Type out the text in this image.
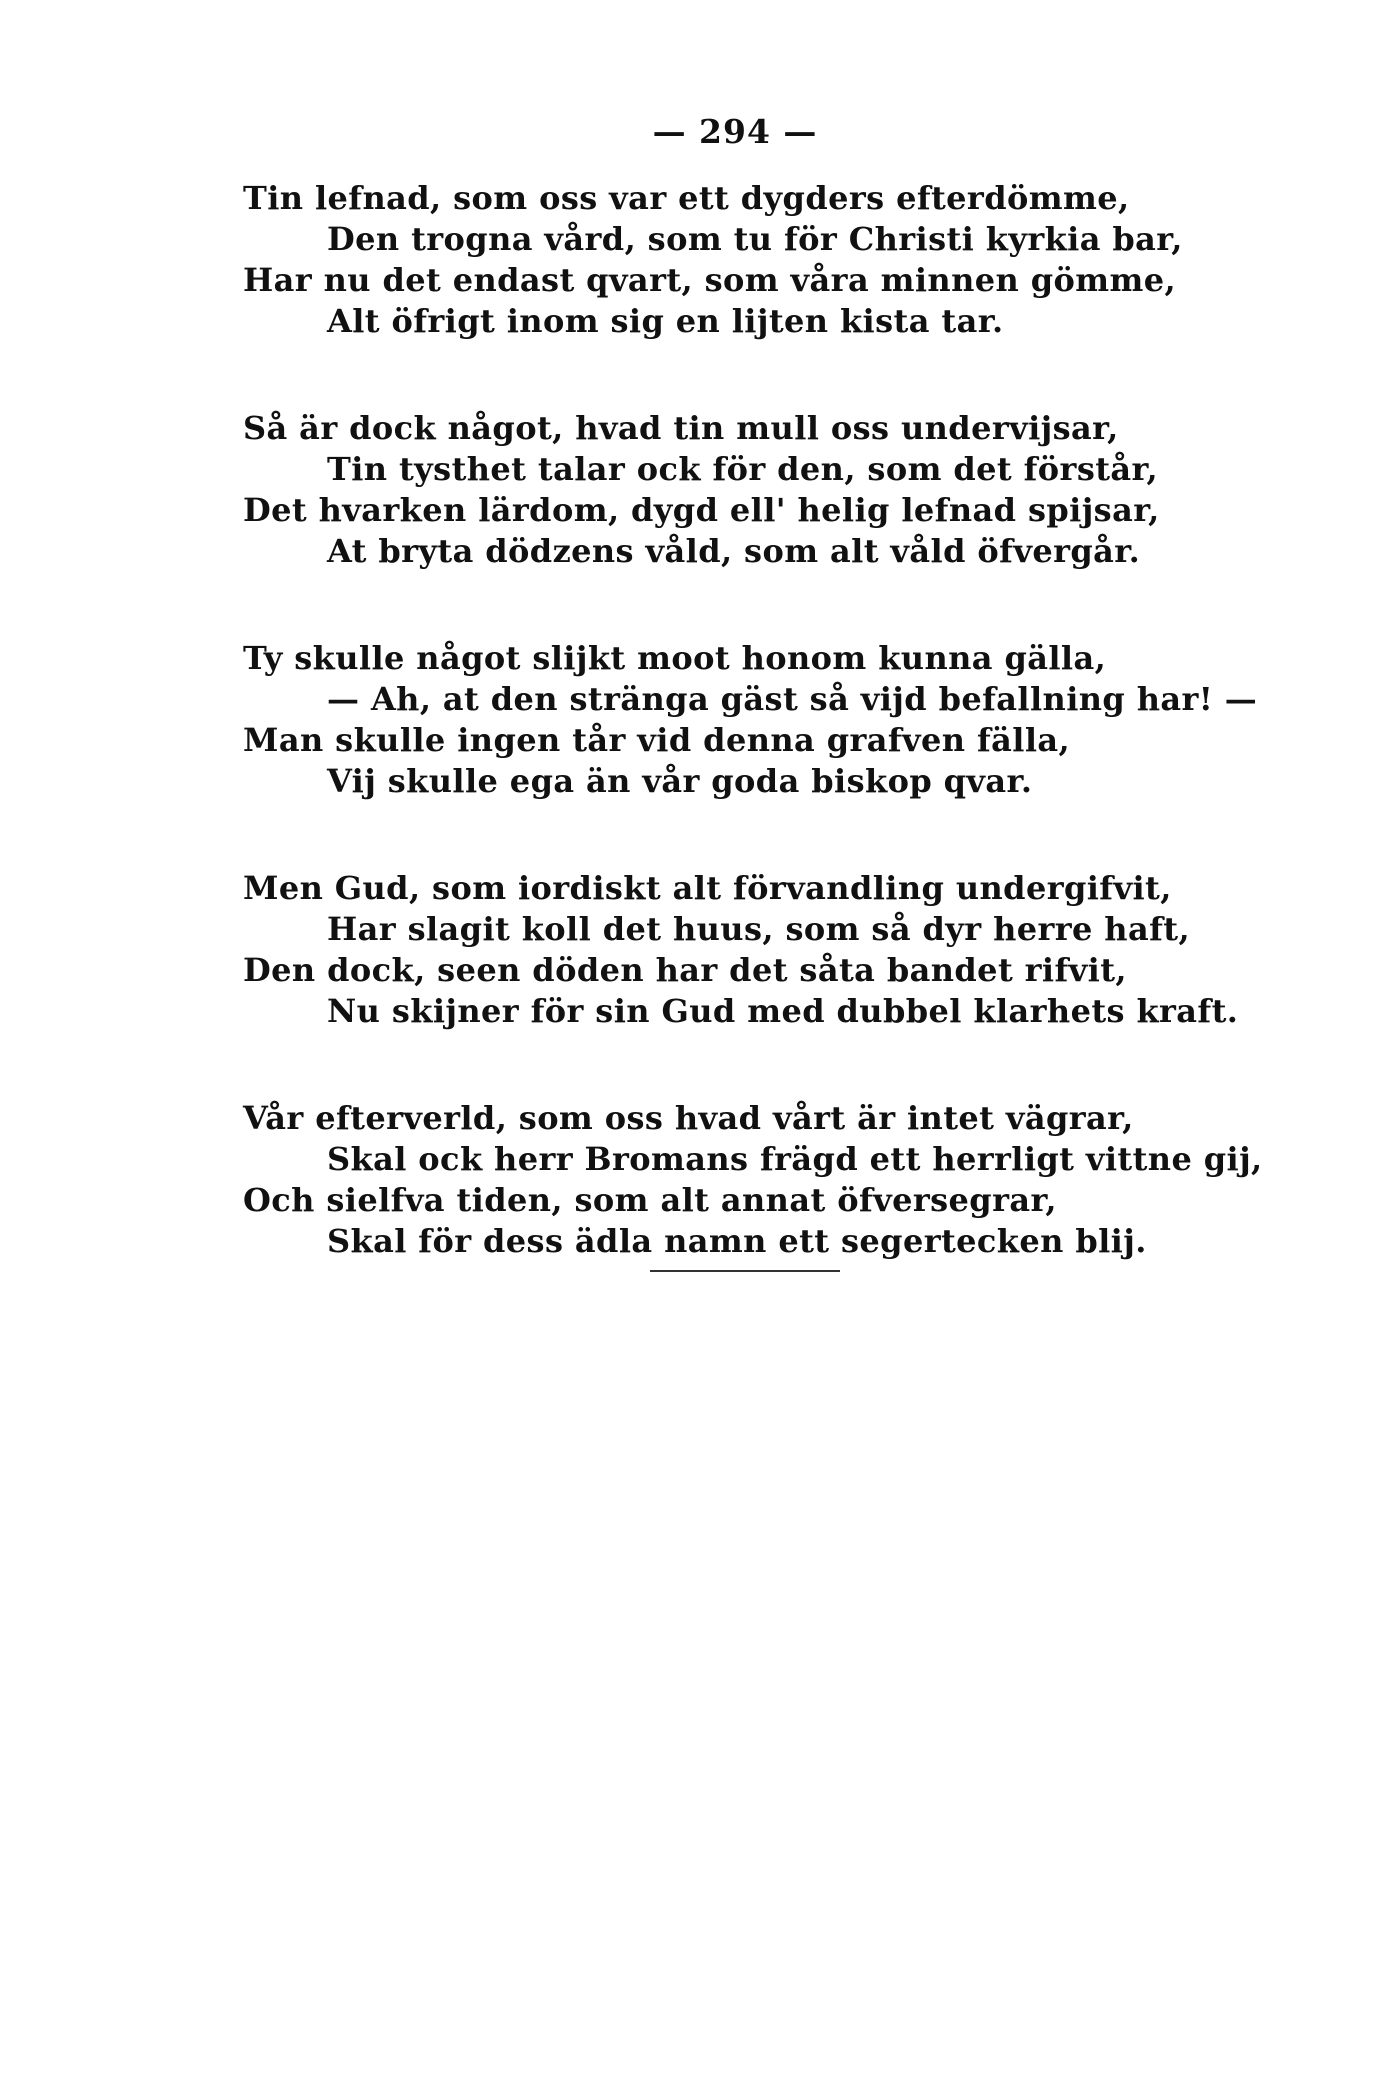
— 294 —
Tin lefnad, som oss var ett dygders efterdömme,
Den trogna vård, som tu för Christi kyrkia bar,
Har nu det endast qvart, som våra minnen gömme,
Alt öfrigt inom sig en lijten kista tar.
Så är dock något, hvad tin mull oss undervijsar,
Tin tysthet talar ock för den, som det förstår,
Det hvarken lärdom, dygd ell' helig lefnad spijsar,
At bryta dödzens våld, som alt våld öfvergår.
Ty skulle något slijkt moot honom kunna gälla,
— Ah, at den stränga gäst så vijd befallning har! —
Man skulle ingen tår vid denna grafven fälla,
Vij skulle ega än vår goda biskop qvar.
Men Gud, som iordiskt alt förvandling undergifvit,
Har slagit koll det huus, som så dyr herre haft,
Den dock, seen döden har det såta bandet rifvit,
Nu skijner för sin Gud med dubbel klarhets kraft.
Vår efterverld, som oss hvad vårt är intet vägrar,
Skal ock herr Bromans frägd ett herrligt vittne gij,
Och sielfva tiden, som alt annat öfversegrar,
Skal för dess ädla namn ett segertecken blij.
